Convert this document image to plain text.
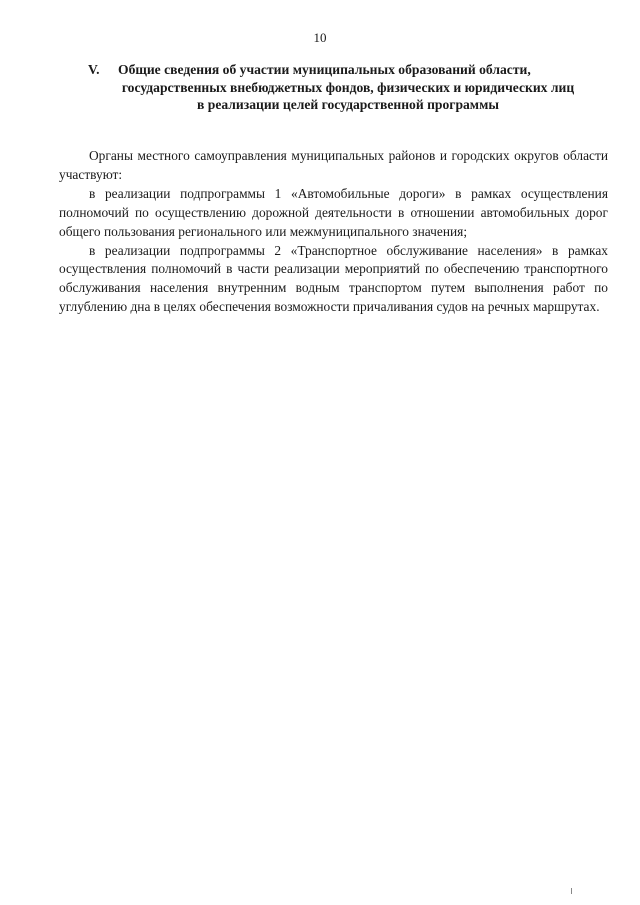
10
V. Общие сведения об участии муниципальных образований области,
государственных внебюджетных фондов, физических и юридических лиц
в реализации целей государственной программы

Органы местного самоуправления муниципальных районов и городских округов области участвуют:

в реализации подпрограммы 1 «Автомобильные дороги» в рамках осуществления полномочий по осуществлению дорожной деятельности в отношении автомобильных дорог общего пользования регионального или межмуниципального значения;

в реализации подпрограммы 2 «Транспортное обслуживание населения» в рамках осуществления полномочий в части реализации мероприятий по обеспечению транспортного обслуживания населения внутренним водным транспортом путем выполнения работ по углублению дна в целях обеспечения возможности причаливания судов на речных маршрутах.
